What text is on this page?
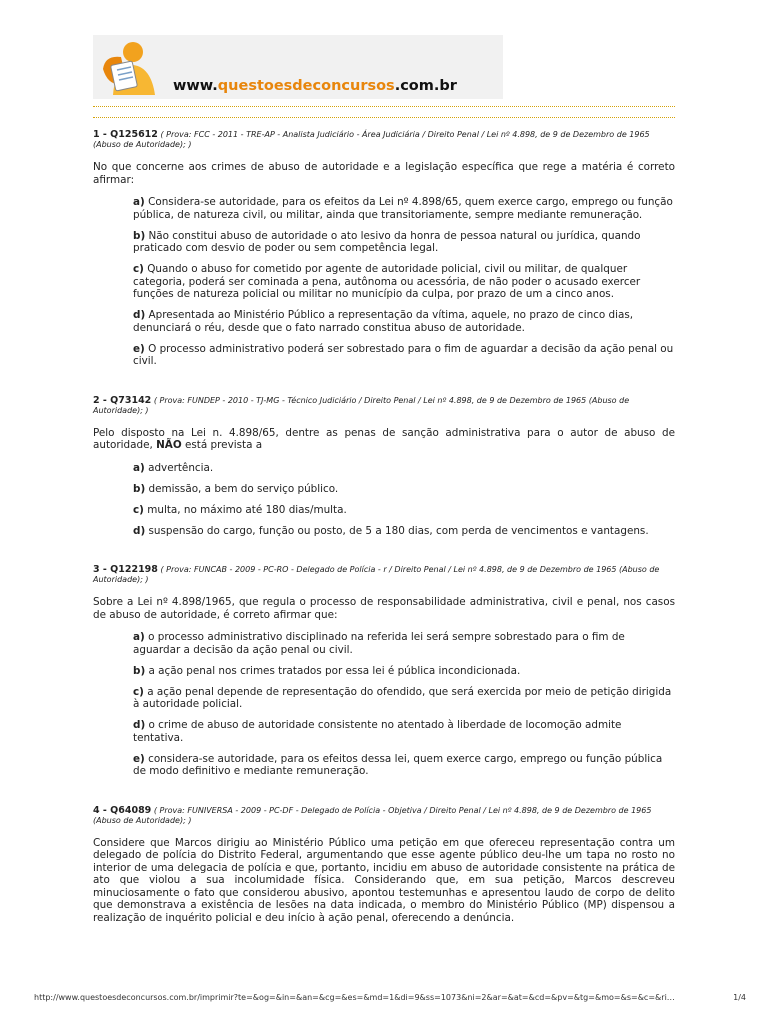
www.questoesdeconcursos.com.br
1 - Q125612 ( Prova: FCC - 2011 - TRE-AP - Analista Judiciário - Área Judiciária / Direito Penal / Lei nº 4.898, de 9 de Dezembro de 1965 (Abuso de Autoridade); )
No que concerne aos crimes de abuso de autoridade e a legislação específica que rege a matéria é correto afirmar:
a) Considera-se autoridade, para os efeitos da Lei nº 4.898/65, quem exerce cargo, emprego ou função pública, de natureza civil, ou militar, ainda que transitoriamente, sempre mediante remuneração.
b) Não constitui abuso de autoridade o ato lesivo da honra de pessoa natural ou jurídica, quando praticado com desvio de poder ou sem competência legal.
c) Quando o abuso for cometido por agente de autoridade policial, civil ou militar, de qualquer categoria, poderá ser cominada a pena, autônoma ou acessória, de não poder o acusado exercer funções de natureza policial ou militar no município da culpa, por prazo de um a cinco anos.
d) Apresentada ao Ministério Público a representação da vítima, aquele, no prazo de cinco dias, denunciará o réu, desde que o fato narrado constitua abuso de autoridade.
e) O processo administrativo poderá ser sobrestado para o fim de aguardar a decisão da ação penal ou civil.
2 - Q73142 ( Prova: FUNDEP - 2010 - TJ-MG - Técnico Judiciário / Direito Penal / Lei nº 4.898, de 9 de Dezembro de 1965 (Abuso de Autoridade); )
Pelo disposto na Lei n. 4.898/65, dentre as penas de sanção administrativa para o autor de abuso de autoridade, NÃO está prevista a
a) advertência.
b) demissão, a bem do serviço público.
c) multa, no máximo até 180 dias/multa.
d) suspensão do cargo, função ou posto, de 5 a 180 dias, com perda de vencimentos e vantagens.
3 - Q122198 ( Prova: FUNCAB - 2009 - PC-RO - Delegado de Polícia - r / Direito Penal / Lei nº 4.898, de 9 de Dezembro de 1965 (Abuso de Autoridade); )
Sobre a Lei nº 4.898/1965, que regula o processo de responsabilidade administrativa, civil e penal, nos casos de abuso de autoridade, é correto afirmar que:
a) o processo administrativo disciplinado na referida lei será sempre sobrestado para o fim de aguardar a decisão da ação penal ou civil.
b) a ação penal nos crimes tratados por essa lei é pública incondicionada.
c) a ação penal depende de representação do ofendido, que será exercida por meio de petição dirigida à autoridade policial.
d) o crime de abuso de autoridade consistente no atentado à liberdade de locomoção admite tentativa.
e) considera-se autoridade, para os efeitos dessa lei, quem exerce cargo, emprego ou função pública de modo definitivo e mediante remuneração.
4 - Q64089 ( Prova: FUNIVERSA - 2009 - PC-DF - Delegado de Polícia - Objetiva / Direito Penal / Lei nº 4.898, de 9 de Dezembro de 1965 (Abuso de Autoridade); )
Considere que Marcos dirigiu ao Ministério Público uma petição em que ofereceu representação contra um delegado de polícia do Distrito Federal, argumentando que esse agente público deu-lhe um tapa no rosto no interior de uma delegacia de polícia e que, portanto, incidiu em abuso de autoridade consistente na prática de ato que violou a sua incolumidade física. Considerando que, em sua petição, Marcos descreveu minuciosamente o fato que considerou abusivo, apontou testemunhas e apresentou laudo de corpo de delito que demonstrava a existência de lesões na data indicada, o membro do Ministério Público (MP) dispensou a realização de inquérito policial e deu início à ação penal, oferecendo a denúncia.
http://www.questoesdeconcursos.com.br/imprimir?te=&og=&in=&an=&cg=&es=&md=1&di=9&ss=1073&ni=2&ar=&at=&cd=&pv=&tg=&mo=&s=&c=&ri…	1/4
